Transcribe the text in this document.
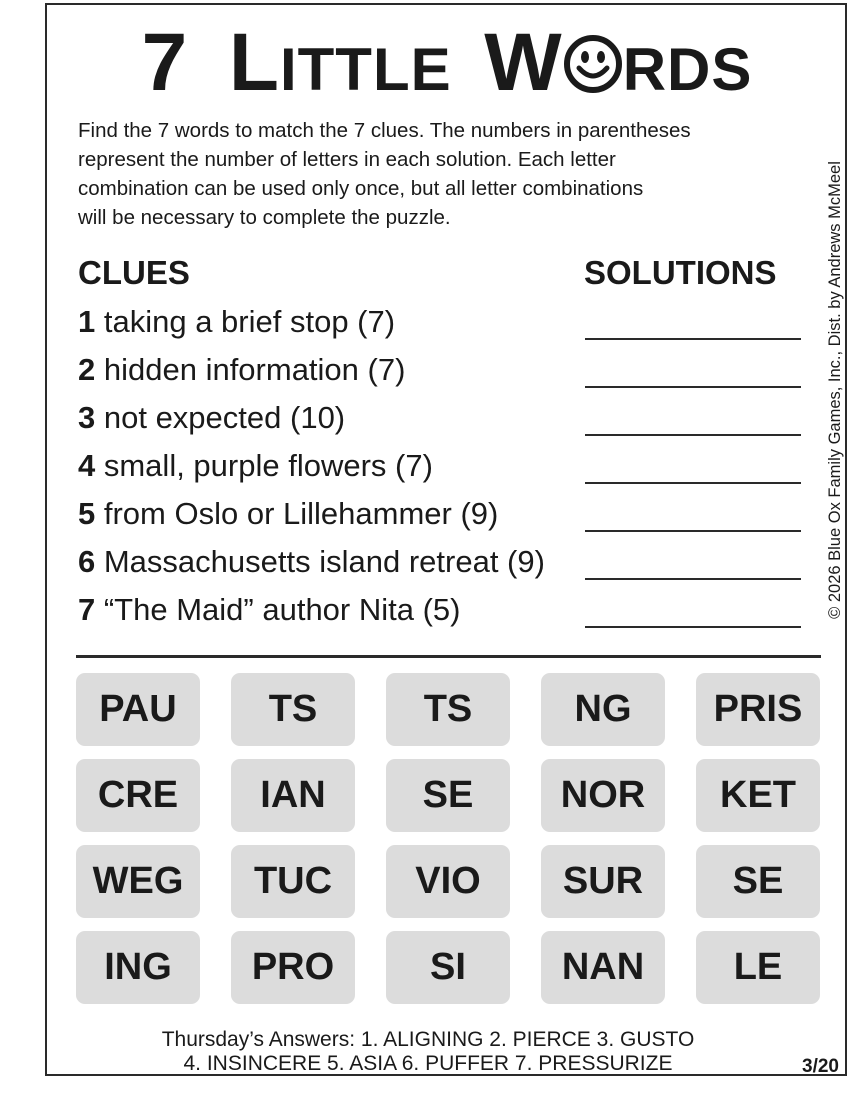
7 LITTLE W RDS
Find the 7 words to match the 7 clues. The numbers in parentheses
represent the number of letters in each solution. Each letter
combination can be used only once, but all letter combinations
will be necessary to complete the puzzle.
CLUES	SOLUTIONS
1 taking a brief stop (7)
2 hidden information (7)
3 not expected (10)
4 small, purple flowers (7)
5 from Oslo or Lillehammer (9)
6 Massachusetts island retreat (9)
7 “The Maid” author Nita (5)	© 2026 Blue Ox Family Games, Inc., Dist. by Andrews McMeel
PAU	TS	TS	NG	PRIS
CRE	IAN	SE	NOR	KET
WEG	TUC	VIO	SUR	SE
ING	PRO	SI	NAN	LE
Thursday’s Answers: 1. ALIGNING 2. PIERCE 3. GUSTO
4. INSINCERE 5. ASIA 6. PUFFER 7. PRESSURIZE	3/20
